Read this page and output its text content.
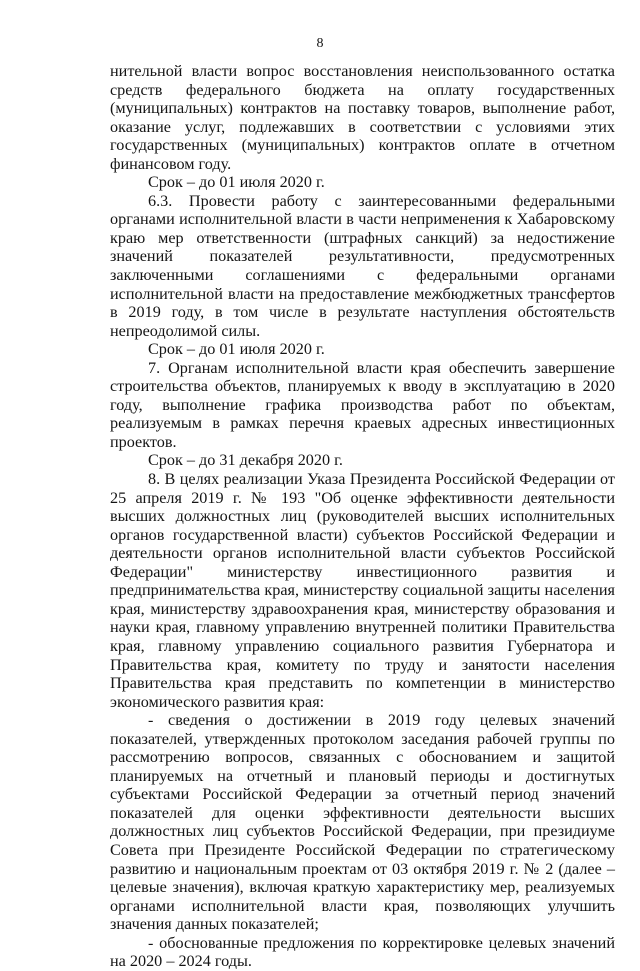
8

нительной власти вопрос восстановления неиспользованного остатка средств федерального бюджета на оплату государственных (муниципальных) контрактов на поставку товаров, выполнение работ, оказание услуг, подлежавших в соответствии с условиями этих государственных (муниципальных) контрактов оплате в отчетном финансовом году.

Срок – до 01 июля 2020 г.

6.3. Провести работу с заинтересованными федеральными органами исполнительной власти в части неприменения к Хабаровскому краю мер ответственности (штрафных санкций) за недостижение значений показателей результативности, предусмотренных заключенными соглашениями с федеральными органами исполнительной власти на предоставление межбюджетных трансфертов в 2019 году, в том числе в результате наступления обстоятельств непреодолимой силы.

Срок – до 01 июля 2020 г.

7. Органам исполнительной власти края обеспечить завершение строительства объектов, планируемых к вводу в эксплуатацию в 2020 году, выполнение графика производства работ по объектам, реализуемым в рамках перечня краевых адресных инвестиционных проектов.

Срок – до 31 декабря 2020 г.

8. В целях реализации Указа Президента Российской Федерации от 25 апреля 2019 г. № 193 "Об оценке эффективности деятельности высших должностных лиц (руководителей высших исполнительных органов государственной власти) субъектов Российской Федерации и деятельности органов исполнительной власти субъектов Российской Федерации" министерству инвестиционного развития и предпринимательства края, министерству социальной защиты населения края, министерству здравоохранения края, министерству образования и науки края, главному управлению внутренней политики Правительства края, главному управлению социального развития Губернатора и Правительства края, комитету по труду и занятости населения Правительства края представить по компетенции в министерство экономического развития края:

- сведения о достижении в 2019 году целевых значений показателей, утвержденных протоколом заседания рабочей группы по рассмотрению вопросов, связанных с обоснованием и защитой планируемых на отчетный и плановый периоды и достигнутых субъектами Российской Федерации за отчетный период значений показателей для оценки эффективности деятельности высших должностных лиц субъектов Российской Федерации, при президиуме Совета при Президенте Российской Федерации по стратегическому развитию и национальным проектам от 03 октября 2019 г. № 2 (далее – целевые значения), включая краткую характеристику мер, реализуемых органами исполнительной власти края, позволяющих улучшить значения данных показателей;

- обоснованные предложения по корректировке целевых значений на 2020 – 2024 годы.
